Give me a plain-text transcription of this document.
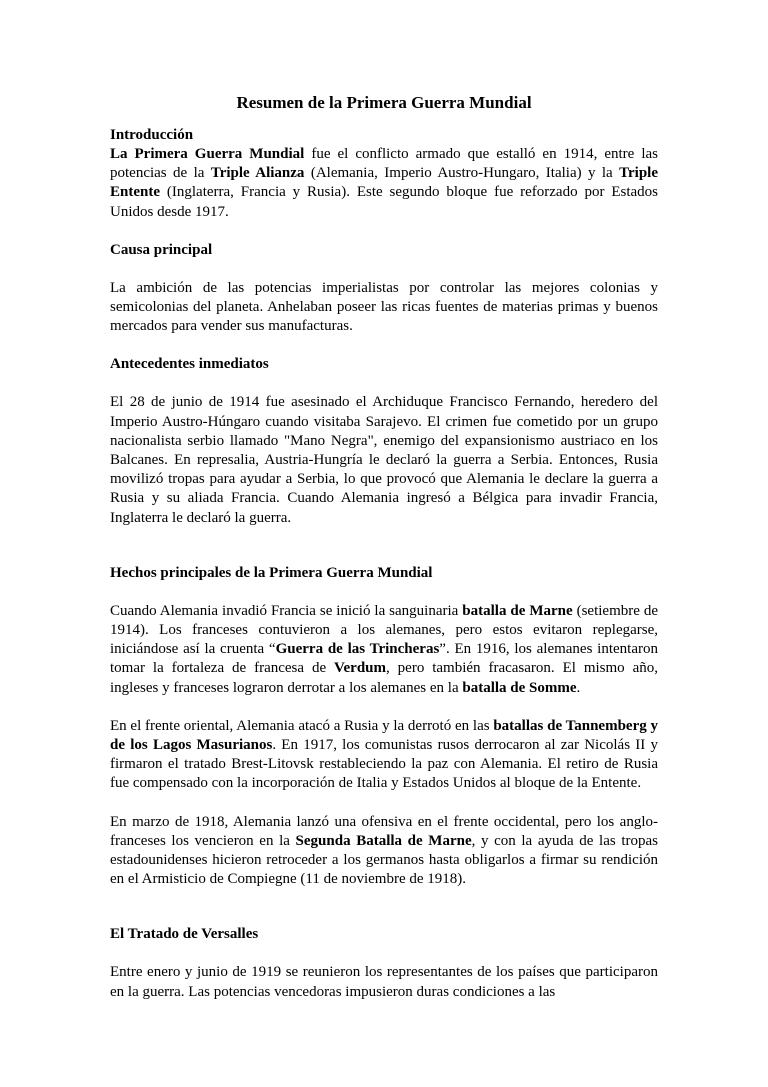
Resumen de la Primera Guerra Mundial
Introducción

La Primera Guerra Mundial fue el conflicto armado que estalló en 1914, entre las potencias de la Triple Alianza (Alemania, Imperio Austro-Hungaro, Italia) y la Triple Entente (Inglaterra, Francia y Rusia). Este segundo bloque fue reforzado por Estados Unidos desde 1917.

Causa principal

La ambición de las potencias imperialistas por controlar las mejores colonias y semicolonias del planeta. Anhelaban poseer las ricas fuentes de materias primas y buenos mercados para vender sus manufacturas.

Antecedentes inmediatos

El 28 de junio de 1914 fue asesinado el Archiduque Francisco Fernando, heredero del Imperio Austro-Húngaro cuando visitaba Sarajevo. El crimen fue cometido por un grupo nacionalista serbio llamado "Mano Negra", enemigo del expansionismo austriaco en los Balcanes. En represalia, Austria-Hungría le declaró la guerra a Serbia. Entonces, Rusia movilizó tropas para ayudar a Serbia, lo que provocó que Alemania le declare la guerra a Rusia y su aliada Francia. Cuando Alemania ingresó a Bélgica para invadir Francia, Inglaterra le declaró la guerra.

Hechos principales de la Primera Guerra Mundial

Cuando Alemania invadió Francia se inició la sanguinaria batalla de Marne (setiembre de 1914). Los franceses contuvieron a los alemanes, pero estos evitaron replegarse, iniciándose así la cruenta “Guerra de las Trincheras”. En 1916, los alemanes intentaron tomar la fortaleza de francesa de Verdum, pero también fracasaron. El mismo año, ingleses y franceses lograron derrotar a los alemanes en la batalla de Somme.

En el frente oriental, Alemania atacó a Rusia y la derrotó en las batallas de Tannemberg y de los Lagos Masurianos. En 1917, los comunistas rusos derrocaron al zar Nicolás II y firmaron el tratado Brest-Litovsk restableciendo la paz con Alemania. El retiro de Rusia fue compensado con la incorporación de Italia y Estados Unidos al bloque de la Entente.

En marzo de 1918, Alemania lanzó una ofensiva en el frente occidental, pero los anglo-franceses los vencieron en la Segunda Batalla de Marne, y con la ayuda de las tropas estadounidenses hicieron retroceder a los germanos hasta obligarlos a firmar su rendición en el Armisticio de Compiegne (11 de noviembre de 1918).

El Tratado de Versalles

Entre enero y junio de 1919 se reunieron los representantes de los países que participaron en la guerra. Las potencias vencedoras impusieron duras condiciones a las
